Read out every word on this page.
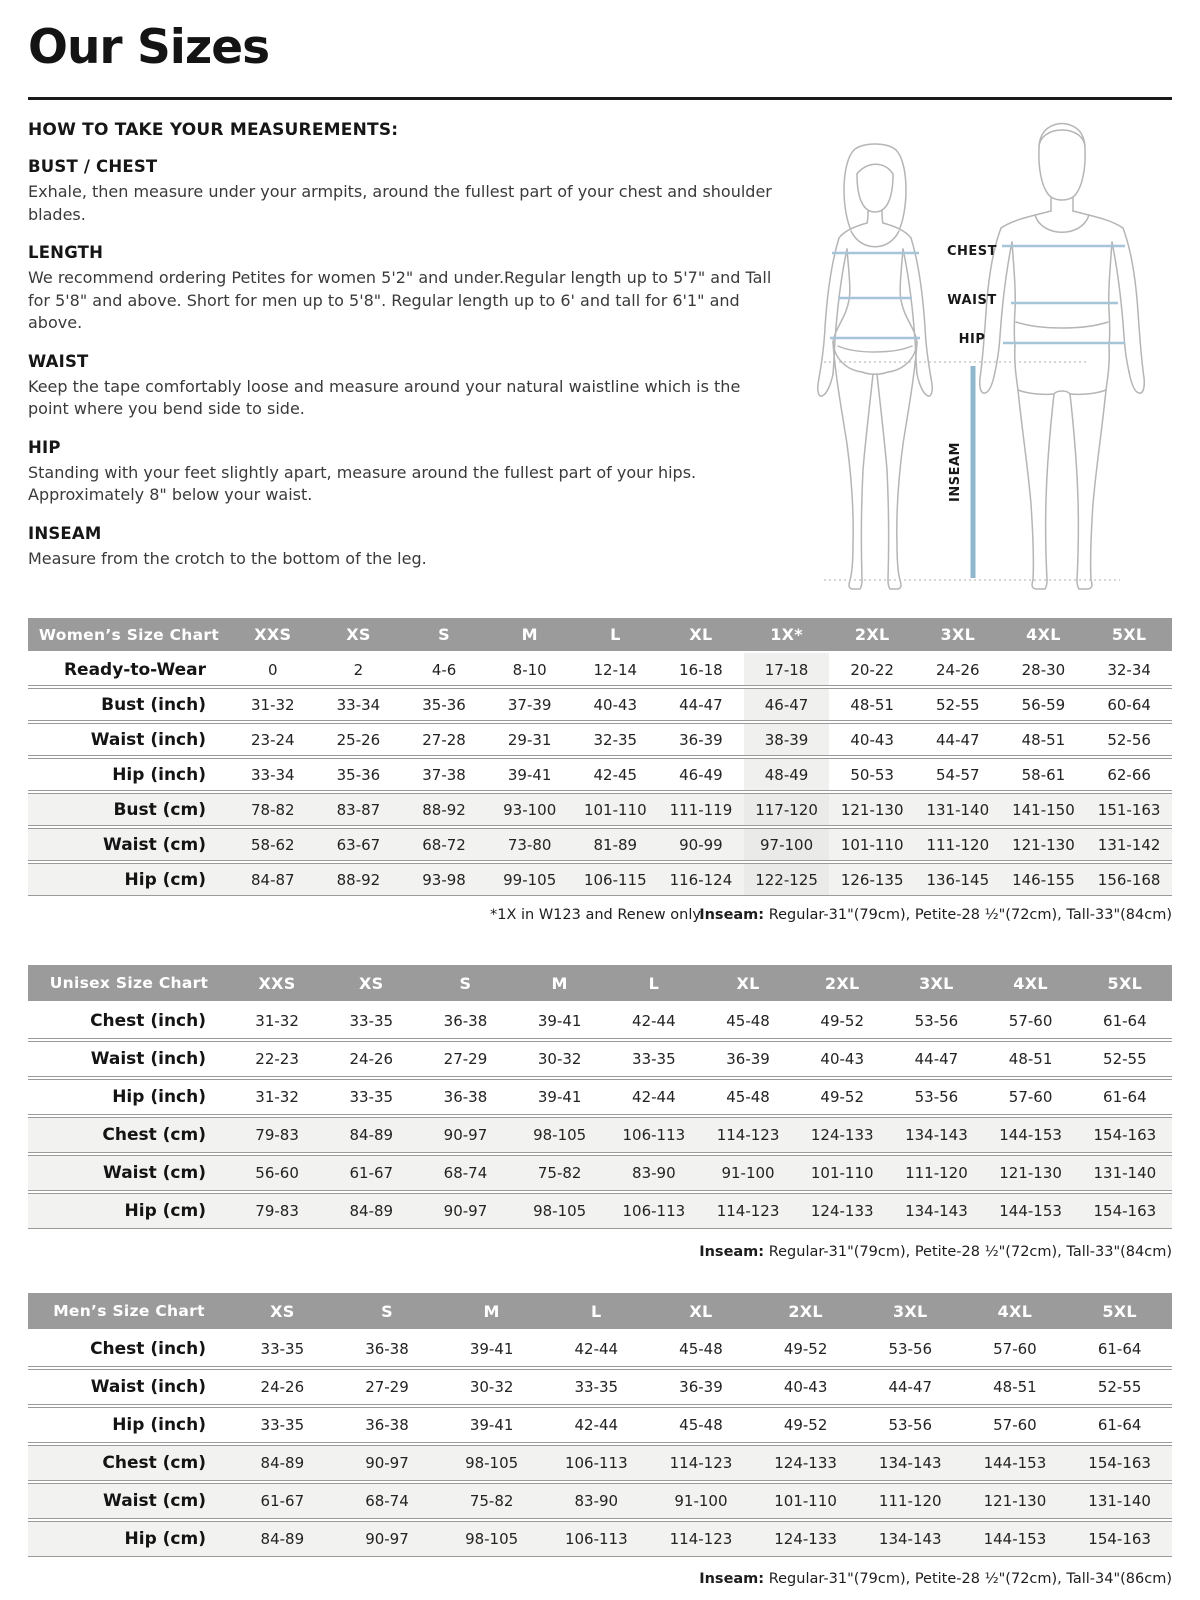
Our Sizes
HOW TO TAKE YOUR MEASUREMENTS:
BUST / CHEST

Exhale, then measure under your armpits, around the fullest part of your chest and shoulder blades.

LENGTH

We recommend ordering Petites for women 5'2" and under.Regular length up to 5'7" and Tall for 5'8" and above. Short for men up to 5'8". Regular length up to 6' and tall for 6'1" and above.

WAIST

Keep the tape comfortably loose and measure around your natural waistline which is the point where you bend side to side.

HIP

Standing with your feet slightly apart, measure around the fullest part of your hips. Approximately 8" below your waist.

INSEAM

Measure from the crotch to the bottom of the leg.

CHEST
WAIST
HIP
INSEAM
Women’s Size Chart	XXS	XS	S	M	L	XL	1X*	2XL	3XL	4XL	5XL
Ready-to-Wear	0	2	4-6	8-10	12-14	16-18	17-18	20-22	24-26	28-30	32-34
Bust (inch)	31-32	33-34	35-36	37-39	40-43	44-47	46-47	48-51	52-55	56-59	60-64
Waist (inch)	23-24	25-26	27-28	29-31	32-35	36-39	38-39	40-43	44-47	48-51	52-56
Hip (inch)	33-34	35-36	37-38	39-41	42-45	46-49	48-49	50-53	54-57	58-61	62-66
Bust (cm)	78-82	83-87	88-92	93-100	101-110	111-119	117-120	121-130	131-140	141-150	151-163
Waist (cm)	58-62	63-67	68-72	73-80	81-89	90-99	97-100	101-110	111-120	121-130	131-142
Hip (cm)	84-87	88-92	93-98	99-105	106-115	116-124	122-125	126-135	136-145	146-155	156-168
*1X in W123 and Renew only.
Inseam: Regular-31"(79cm), Petite-28 ½"(72cm), Tall-33"(84cm)
Unisex Size Chart	XXS	XS	S	M	L	XL	2XL	3XL	4XL	5XL
Chest (inch)	31-32	33-35	36-38	39-41	42-44	45-48	49-52	53-56	57-60	61-64
Waist (inch)	22-23	24-26	27-29	30-32	33-35	36-39	40-43	44-47	48-51	52-55
Hip (inch)	31-32	33-35	36-38	39-41	42-44	45-48	49-52	53-56	57-60	61-64
Chest (cm)	79-83	84-89	90-97	98-105	106-113	114-123	124-133	134-143	144-153	154-163
Waist (cm)	56-60	61-67	68-74	75-82	83-90	91-100	101-110	111-120	121-130	131-140
Hip (cm)	79-83	84-89	90-97	98-105	106-113	114-123	124-133	134-143	144-153	154-163
Inseam: Regular-31"(79cm), Petite-28 ½"(72cm), Tall-33"(84cm)
Men’s Size Chart	XS	S	M	L	XL	2XL	3XL	4XL	5XL
Chest (inch)	33-35	36-38	39-41	42-44	45-48	49-52	53-56	57-60	61-64
Waist (inch)	24-26	27-29	30-32	33-35	36-39	40-43	44-47	48-51	52-55
Hip (inch)	33-35	36-38	39-41	42-44	45-48	49-52	53-56	57-60	61-64
Chest (cm)	84-89	90-97	98-105	106-113	114-123	124-133	134-143	144-153	154-163
Waist (cm)	61-67	68-74	75-82	83-90	91-100	101-110	111-120	121-130	131-140
Hip (cm)	84-89	90-97	98-105	106-113	114-123	124-133	134-143	144-153	154-163
Inseam: Regular-31"(79cm), Petite-28 ½"(72cm), Tall-34"(86cm)
